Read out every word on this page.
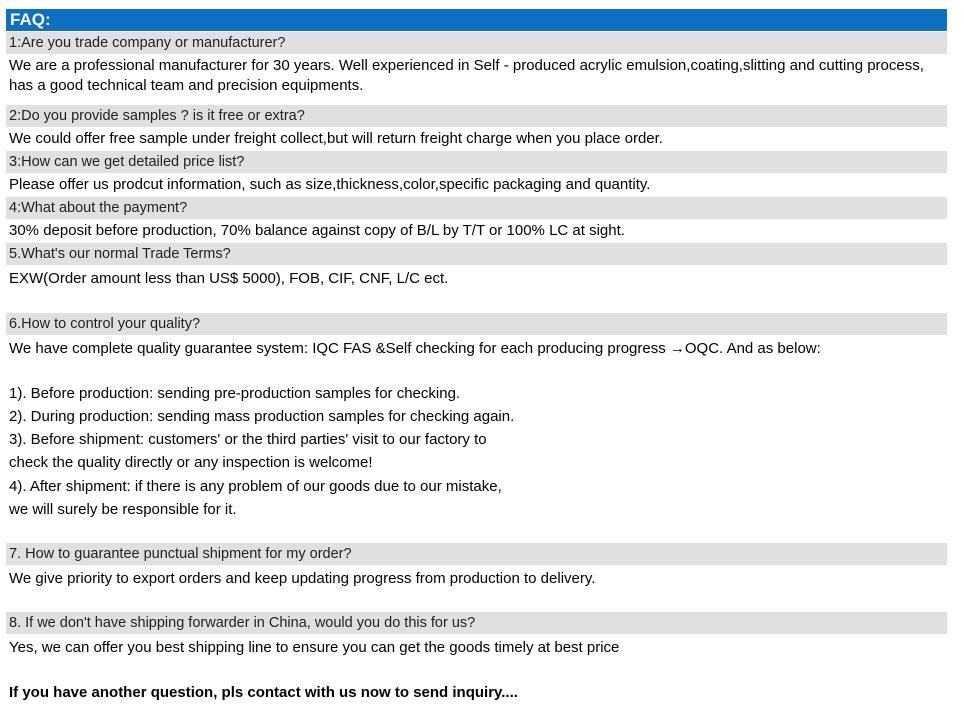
FAQ:
1:Are you trade company or manufacturer?
We are a professional manufacturer for 30 years. Well experienced in Self - produced acrylic emulsion,coating,slitting and cutting process, has a good technical team and precision equipments.
2:Do you provide samples ? is it free or extra?
We could offer free sample under freight collect,but will return freight charge when you place order.
3:How can we get detailed price list?
Please offer us prodcut information, such as size,thickness,color,specific packaging and quantity.
4:What about the payment?
30% deposit before production, 70% balance against copy of B/L by T/T or 100% LC at sight.
5.What's our normal Trade Terms?
EXW(Order amount less than US$ 5000), FOB, CIF, CNF, L/C ect.
6.How to control your quality?
We have complete quality guarantee system: IQC FAS &Self checking for each producing progress →OQC. And as below:
1). Before production: sending pre-production samples for checking.
2). During production: sending mass production samples for checking again.
3). Before shipment: customers' or the third parties' visit to our factory to
check the quality directly or any inspection is welcome!
4). After shipment: if there is any problem of our goods due to our mistake,
we will surely be responsible for it.
7. How to guarantee punctual shipment for my order?
We give priority to export orders and keep updating progress from production to delivery.
8. If we don't have shipping forwarder in China, would you do this for us?
Yes, we can offer you best shipping line to ensure you can get the goods timely at best price
If you have another question, pls contact with us now to send inquiry....
